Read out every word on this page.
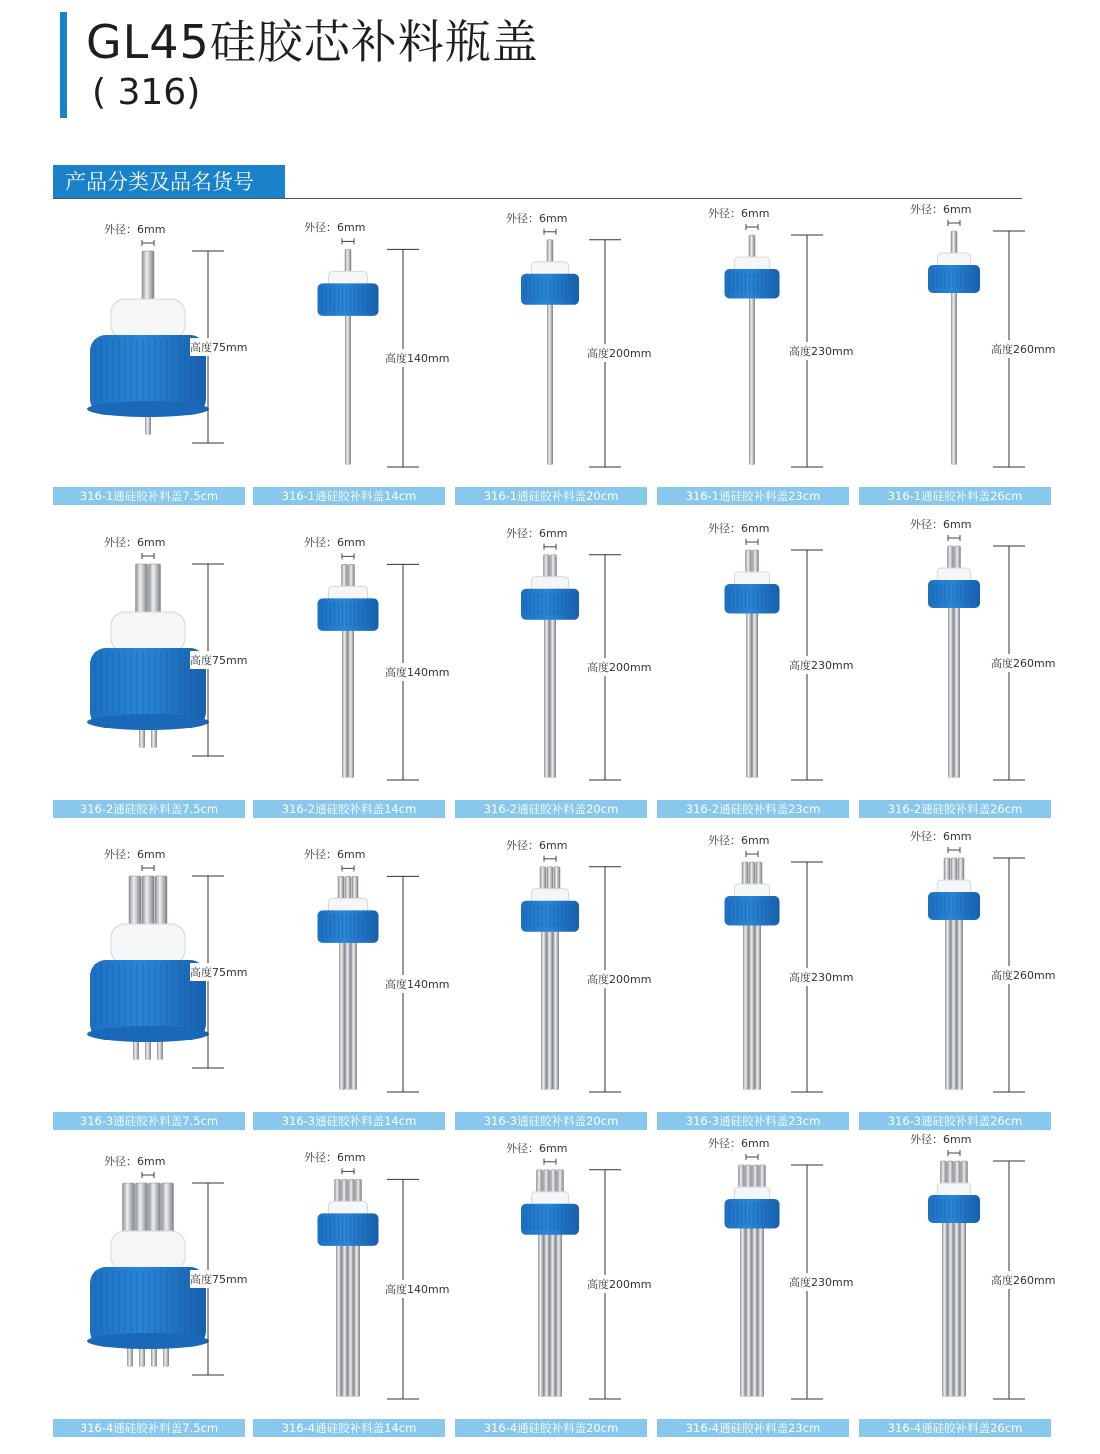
GL45硅胶芯补料瓶盖
( 316)
产品分类及品名货号
外径：6mm
高度75mm
316-1通硅胶补料盖7.5cm
外径：6mm
高度140mm
316-1通硅胶补料盖14cm
外径：6mm
高度200mm
316-1通硅胶补料盖20cm
外径：6mm
高度230mm
316-1通硅胶补料盖23cm
外径：6mm
高度260mm
316-1通硅胶补料盖26cm
外径：6mm
高度75mm
316-2通硅胶补料盖7.5cm
外径：6mm
高度140mm
316-2通硅胶补料盖14cm
外径：6mm
高度200mm
316-2通硅胶补料盖20cm
外径：6mm
高度230mm
316-2通硅胶补料盖23cm
外径：6mm
高度260mm
316-2通硅胶补料盖26cm
外径：6mm
高度75mm
316-3通硅胶补料盖7.5cm
外径：6mm
高度140mm
316-3通硅胶补料盖14cm
外径：6mm
高度200mm
316-3通硅胶补料盖20cm
外径：6mm
高度230mm
316-3通硅胶补料盖23cm
外径：6mm
高度260mm
316-3通硅胶补料盖26cm
外径：6mm
高度75mm
316-4通硅胶补料盖7.5cm
外径：6mm
高度140mm
316-4通硅胶补料盖14cm
外径：6mm
高度200mm
316-4通硅胶补料盖20cm
外径：6mm
高度230mm
316-4通硅胶补料盖23cm
外径：6mm
高度260mm
316-4通硅胶补料盖26cm
